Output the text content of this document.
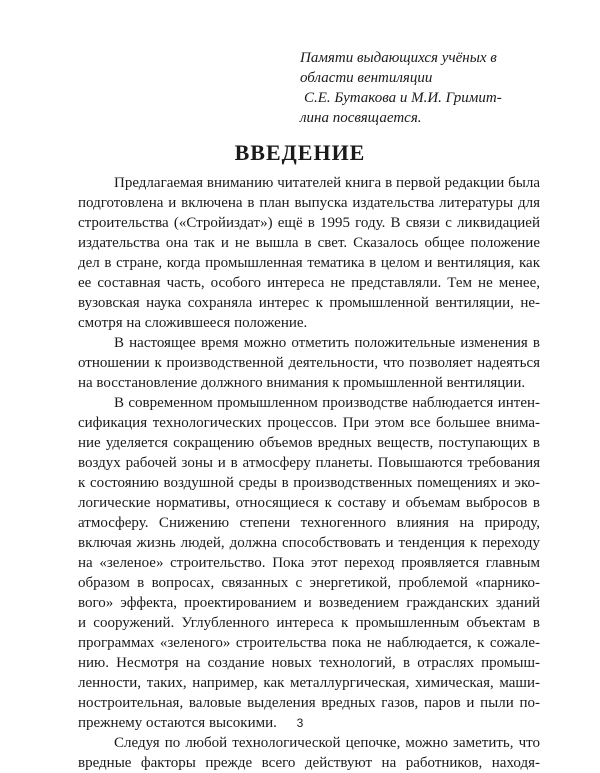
Памяти выдающихся учёных в
области вентиляции
С.Е. Бутакова и М.И. Гримит-
лина посвящается.
ВВЕДЕНИЕ
Предлагаемая вниманию читателей книга в первой редакции была
подготовлена и включена в план выпуска издательства литературы для
строительства («Стройиздат») ещё в 1995 году. В связи с ликвидацией
издательства она так и не вышла в свет. Сказалось общее положение
дел в стране, когда промышленная тематика в целом и вентиляция, как
ее составная часть, особого интереса не представляли. Тем не менее,
вузовская наука сохраняла интерес к промышленной вентиляции, не-
смотря на сложившееся положение.
В настоящее время можно отметить положительные изменения в
отношении к производственной деятельности, что позволяет надеяться
на восстановление должного внимания к промышленной вентиляции.
В современном промышленном производстве наблюдается интен-
сификация технологических процессов. При этом все большее внима-
ние уделяется сокращению объемов вредных веществ, поступающих в
воздух рабочей зоны и в атмосферу планеты. Повышаются требования
к состоянию воздушной среды в производственных помещениях и эко-
логические нормативы, относящиеся к составу и объемам выбросов в
атмосферу. Снижению степени техногенного влияния на природу,
включая жизнь людей, должна способствовать и тенденция к переходу
на «зеленое» строительство. Пока этот переход проявляется главным
образом в вопросах, связанных с энергетикой, проблемой «парнико-
вого» эффекта, проектированием и возведением гражданских зданий
и сооружений. Углубленного интереса к промышленным объектам в
программах «зеленого» строительства пока не наблюдается, к сожале-
нию. Несмотря на создание новых технологий, в отраслях промыш-
ленности, таких, например, как металлургическая, химическая, маши-
ностроительная, валовые выделения вредных газов, паров и пыли по-
прежнему остаются высокими.
Следуя по любой технологической цепочке, можно заметить, что
вредные факторы прежде всего действуют на работников, находя-
3
